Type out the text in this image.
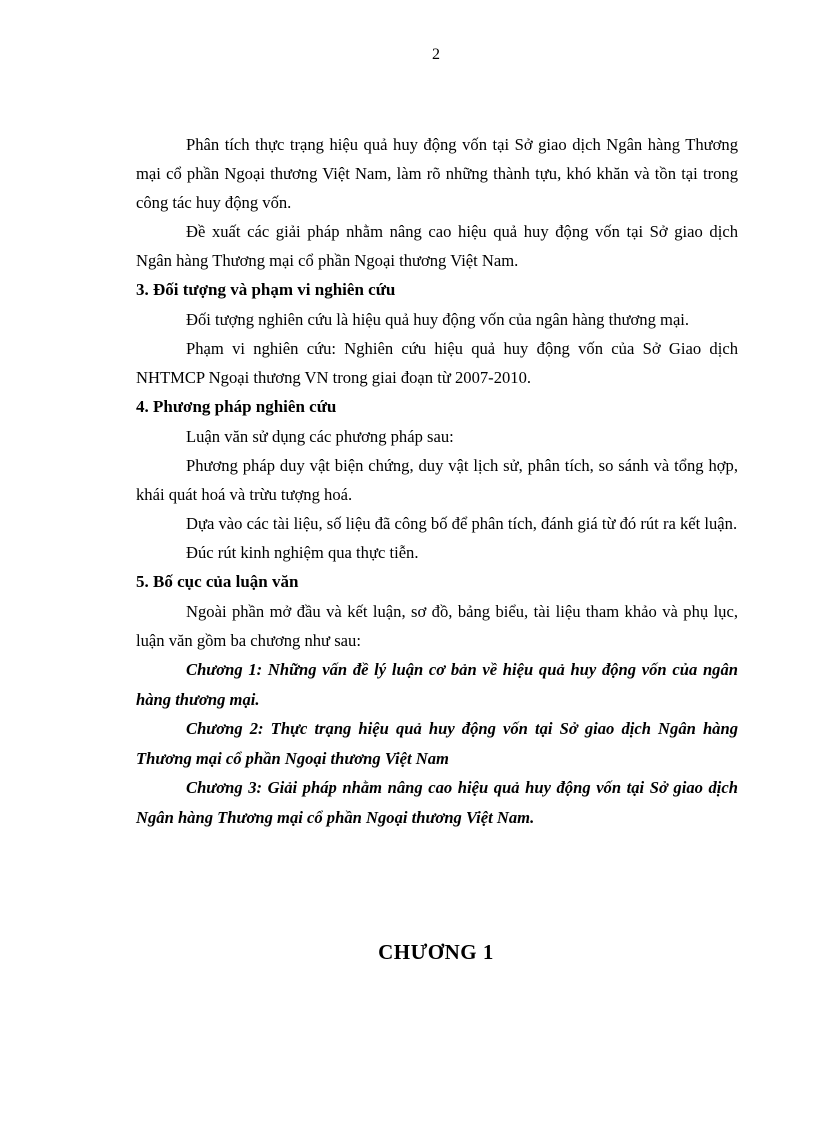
2

Phân tích thực trạng hiệu quả huy động vốn tại Sở giao dịch Ngân hàng Thương mại cổ phần Ngoại thương Việt Nam, làm rõ những thành tựu, khó khăn và tồn tại trong công tác huy động vốn.

Đề xuất các giải pháp nhằm nâng cao hiệu quả huy động vốn tại Sở giao dịch Ngân hàng Thương mại cổ phần Ngoại thương Việt Nam.

3. Đối tượng và phạm vi nghiên cứu

Đối tượng nghiên cứu là hiệu quả huy động vốn của ngân hàng thương mại.

Phạm vi nghiên cứu: Nghiên cứu hiệu quả huy động vốn của Sở Giao dịch NHTMCP Ngoại thương VN trong giai đoạn từ 2007-2010.

4. Phương pháp nghiên cứu

Luận văn sử dụng các phương pháp sau:

Phương pháp duy vật biện chứng, duy vật lịch sử, phân tích, so sánh và tổng hợp, khái quát hoá và trừu tượng hoá.

Dựa vào các tài liệu, số liệu đã công bố để phân tích, đánh giá từ đó rút ra kết luận.

Đúc rút kinh nghiệm qua thực tiễn.

5. Bố cục của luận văn

Ngoài phần mở đầu và kết luận, sơ đồ, bảng biểu, tài liệu tham khảo và phụ lục, luận văn gồm ba chương như sau:

Chương 1: Những vấn đề lý luận cơ bản về hiệu quả huy động vốn của ngân hàng thương mại.

Chương 2: Thực trạng hiệu quả huy động vốn tại Sở giao dịch Ngân hàng Thương mại cổ phần Ngoại thương Việt Nam

Chương 3: Giải pháp nhằm nâng cao hiệu quả huy động vốn tại Sở giao dịch Ngân hàng Thương mại cổ phần Ngoại thương Việt Nam.

CHƯƠNG 1
